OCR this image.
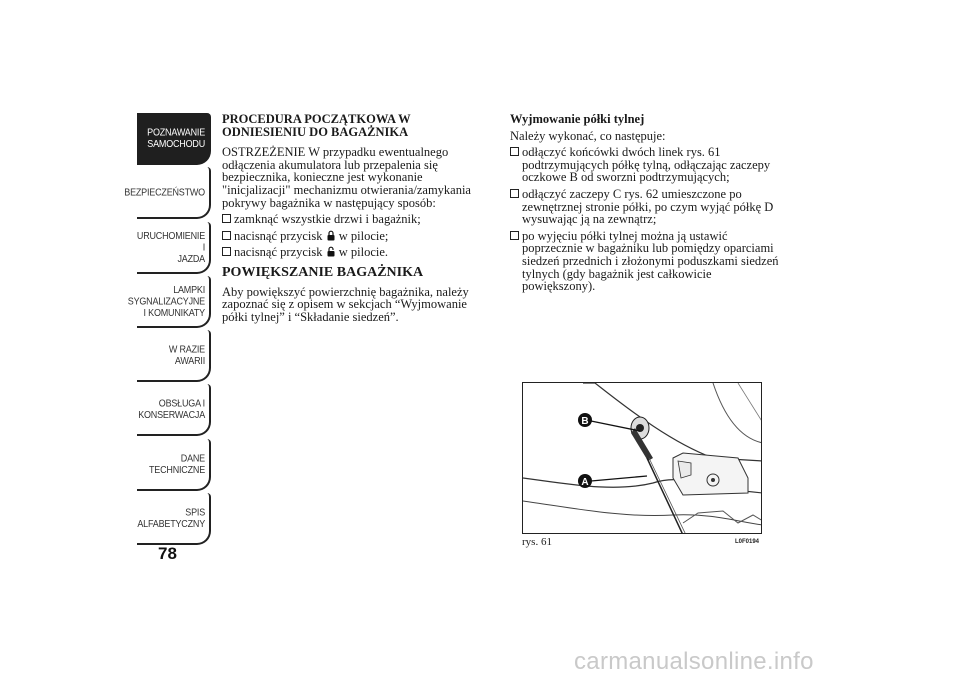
POZNAWANIE
SAMOCHODU
BEZPIECZEŃSTWO
URUCHOMIENIE I
JAZDA
LAMPKI
SYGNALIZACYJNE
I KOMUNIKATY
W RAZIE AWARII
OBSŁUGA I
KONSERWACJA
DANE
TECHNICZNE
SPIS
ALFABETYCZNY
78
PROCEDURA POCZĄTKOWA W ODNIESIENIU DO BAGAŻNIKA

OSTRZEŻENIE W przypadku ewentualnego odłączenia akumulatora lub przepalenia się bezpiecznika, konieczne jest wykonanie "inicjalizacji" mechanizmu otwierania/zamykania pokrywy bagażnika w następujący sposób:

zamknąć wszystkie drzwi i bagażnik;
nacisnąć przycisk w pilocie;
nacisnąć przycisk w pilocie.
POWIĘKSZANIE BAGAŻNIKA

Aby powiększyć powierzchnię bagażnika, należy zapoznać się z opisem w sekcjach “Wyjmowanie półki tylnej” i “Składanie siedzeń”.

Wyjmowanie półki tylnej

Należy wykonać, co następuje:

odłączyć końcówki dwóch linek rys. 61 podtrzymujących półkę tylną, odłączając zaczepy oczkowe B od sworzni podtrzymujących;
odłączyć zaczepy C rys. 62 umieszczone po zewnętrznej stronie półki, po czym wyjąć półkę D wysuwając ją na zewnątrz;
po wyjęciu półki tylnej można ją ustawić poprzecznie w bagażniku lub pomiędzy oparciami siedzeń przednich i złożonymi poduszkami siedzeń tylnych (gdy bagażnik jest całkowicie powiększony).
B
A
rys. 61	L0F0194
carmanualsonline.info
